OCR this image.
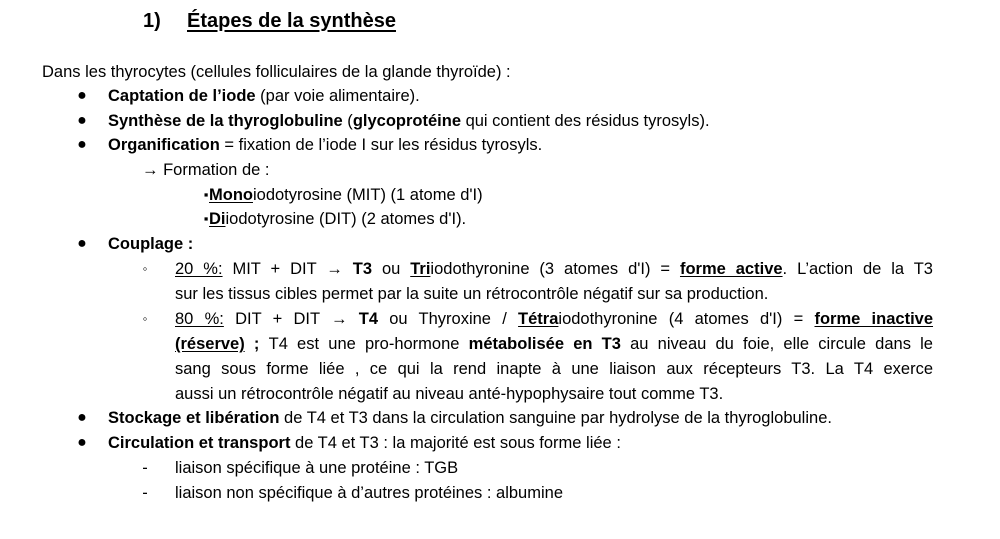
1) Étapes de la synthèse
Dans les thyrocytes (cellules folliculaires de la glande thyroïde) :
● Captation de l’iode (par voie alimentaire).
● Synthèse de la thyroglobuline (glycoprotéine qui contient des résidus tyrosyls).
● Organification = fixation de l’iode I sur les résidus tyrosyls.
→ Formation de :
▪ Monoiodotyrosine (MIT) (1 atome d'I)
▪ Diiodotyrosine (DIT) (2 atomes d'I).
● Couplage :
◦ 20 %: MIT + DIT → T3 ou Triiodothyronine (3 atomes d'I) = forme active. L’action de la T3
sur les tissus cibles permet par la suite un rétrocontrôle négatif sur sa production.
◦ 80 %: DIT + DIT → T4 ou Thyroxine / Tétraiodothyronine (4 atomes d'I) = forme inactive
(réserve) ; T4 est une pro-hormone métabolisée en T3 au niveau du foie, elle circule dans le
sang sous forme liée , ce qui la rend inapte à une liaison aux récepteurs T3. La T4 exerce
aussi un rétrocontrôle négatif au niveau anté-hypophysaire tout comme T3.
● Stockage et libération de T4 et T3 dans la circulation sanguine par hydrolyse de la thyroglobuline.
● Circulation et transport de T4 et T3 : la majorité est sous forme liée :
- liaison spécifique à une protéine : TGB
- liaison non spécifique à d’autres protéines : albumine
